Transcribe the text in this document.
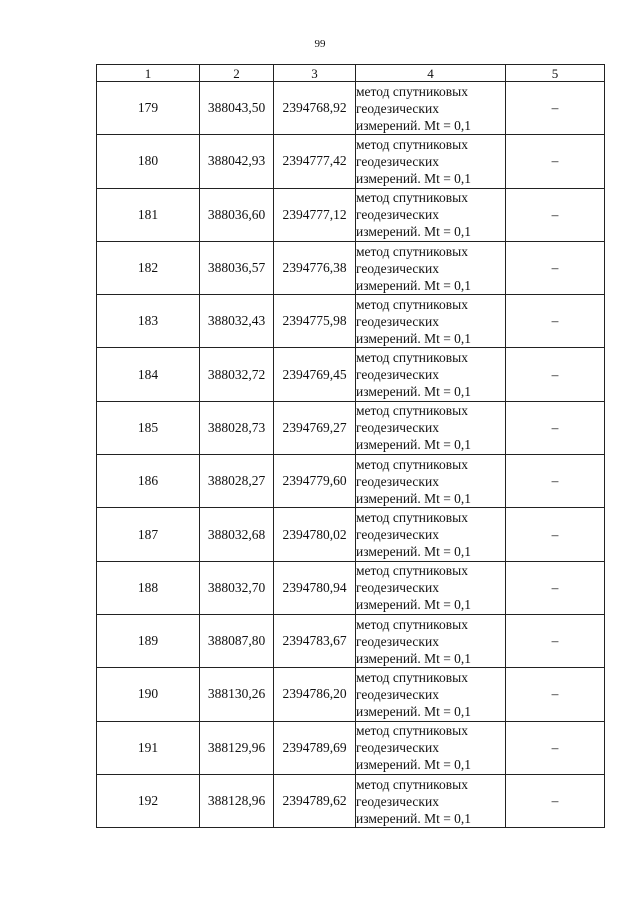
99
1	2	3	4	5
179	388043,50	2394768,92	метод спутниковых
геодезических
измерений. Mt = 0,1	–
180	388042,93	2394777,42	метод спутниковых
геодезических
измерений. Mt = 0,1	–
181	388036,60	2394777,12	метод спутниковых
геодезических
измерений. Mt = 0,1	–
182	388036,57	2394776,38	метод спутниковых
геодезических
измерений. Mt = 0,1	–
183	388032,43	2394775,98	метод спутниковых
геодезических
измерений. Mt = 0,1	–
184	388032,72	2394769,45	метод спутниковых
геодезических
измерений. Mt = 0,1	–
185	388028,73	2394769,27	метод спутниковых
геодезических
измерений. Mt = 0,1	–
186	388028,27	2394779,60	метод спутниковых
геодезических
измерений. Mt = 0,1	–
187	388032,68	2394780,02	метод спутниковых
геодезических
измерений. Mt = 0,1	–
188	388032,70	2394780,94	метод спутниковых
геодезических
измерений. Mt = 0,1	–
189	388087,80	2394783,67	метод спутниковых
геодезических
измерений. Mt = 0,1	–
190	388130,26	2394786,20	метод спутниковых
геодезических
измерений. Mt = 0,1	–
191	388129,96	2394789,69	метод спутниковых
геодезических
измерений. Mt = 0,1	–
192	388128,96	2394789,62	метод спутниковых
геодезических
измерений. Mt = 0,1	–
